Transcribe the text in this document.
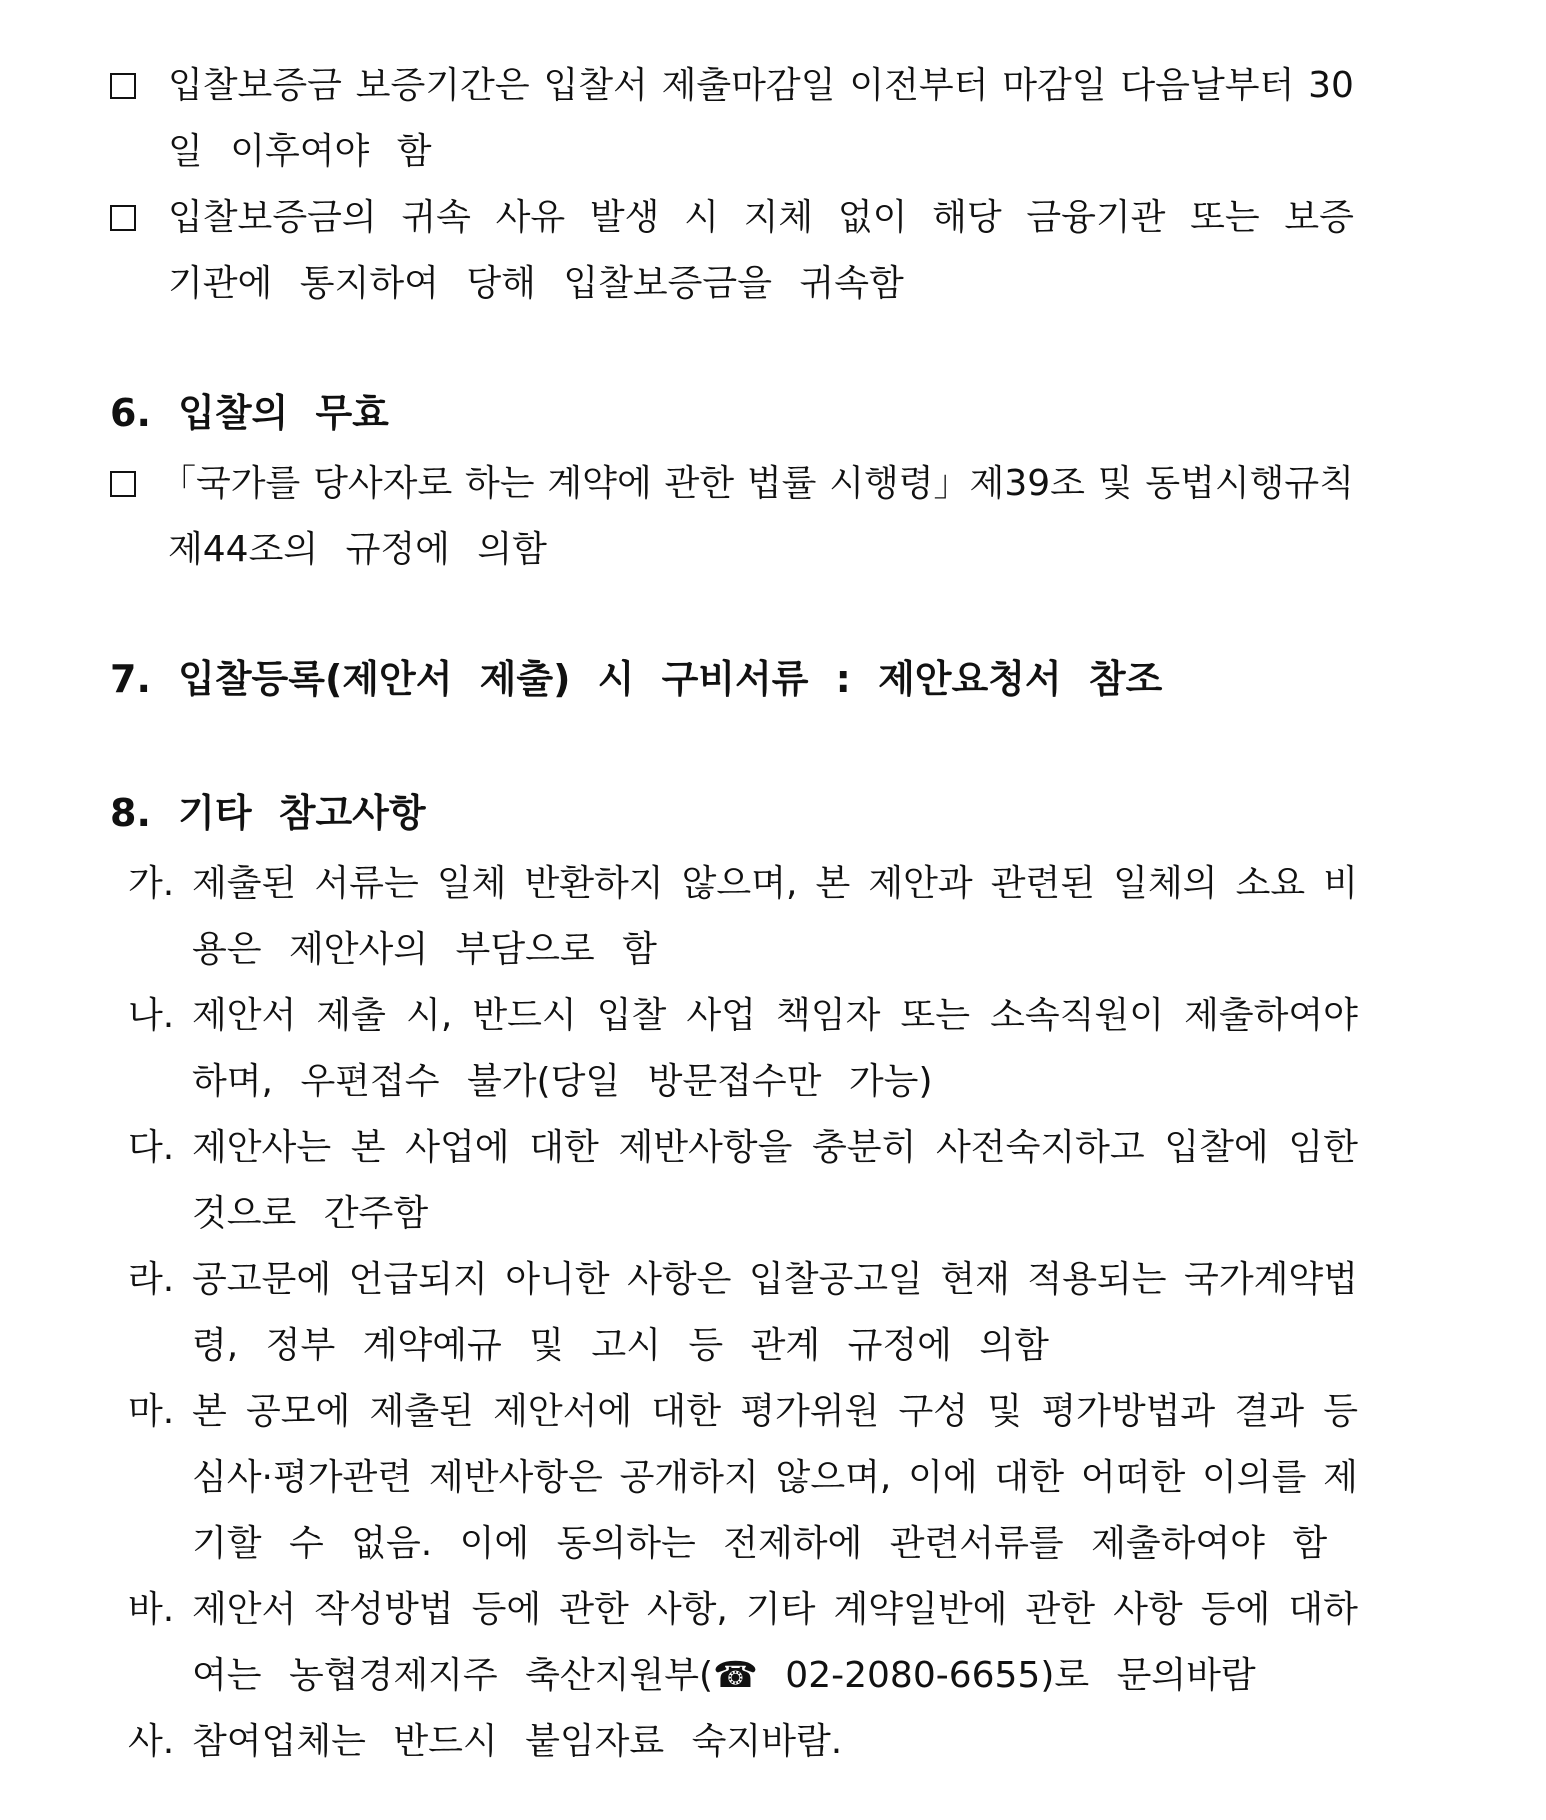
입찰보증금 보증기간은 입찰서 제출마감일 이전부터 마감일 다음날부터 30
일 이후여야 함
입찰보증금의 귀속 사유 발생 시 지체 없이 해당 금융기관 또는 보증
기관에 통지하여 당해 입찰보증금을 귀속함
6. 입찰의 무효
「국가를 당사자로 하는 계약에 관한 법률 시행령」제39조 및 동법시행규칙
제44조의 규정에 의함
7. 입찰등록(제안서 제출) 시 구비서류 : 제안요청서 참조
8. 기타 참고사항
가. 제출된 서류는 일체 반환하지 않으며, 본 제안과 관련된 일체의 소요 비
용은 제안사의 부담으로 함
나. 제안서 제출 시, 반드시 입찰 사업 책임자 또는 소속직원이 제출하여야
하며, 우편접수 불가(당일 방문접수만 가능)
다. 제안사는 본 사업에 대한 제반사항을 충분히 사전숙지하고 입찰에 임한
것으로 간주함
라. 공고문에 언급되지 아니한 사항은 입찰공고일 현재 적용되는 국가계약법
령, 정부 계약예규 및 고시 등 관계 규정에 의함
마. 본 공모에 제출된 제안서에 대한 평가위원 구성 및 평가방법과 결과 등
심사·평가관련 제반사항은 공개하지 않으며, 이에 대한 어떠한 이의를 제
기할 수 없음. 이에 동의하는 전제하에 관련서류를 제출하여야 함
바. 제안서 작성방법 등에 관한 사항, 기타 계약일반에 관한 사항 등에 대하
여는 농협경제지주 축산지원부(☎ 02-2080-6655)로 문의바람
사. 참여업체는 반드시 붙임자료 숙지바람.
